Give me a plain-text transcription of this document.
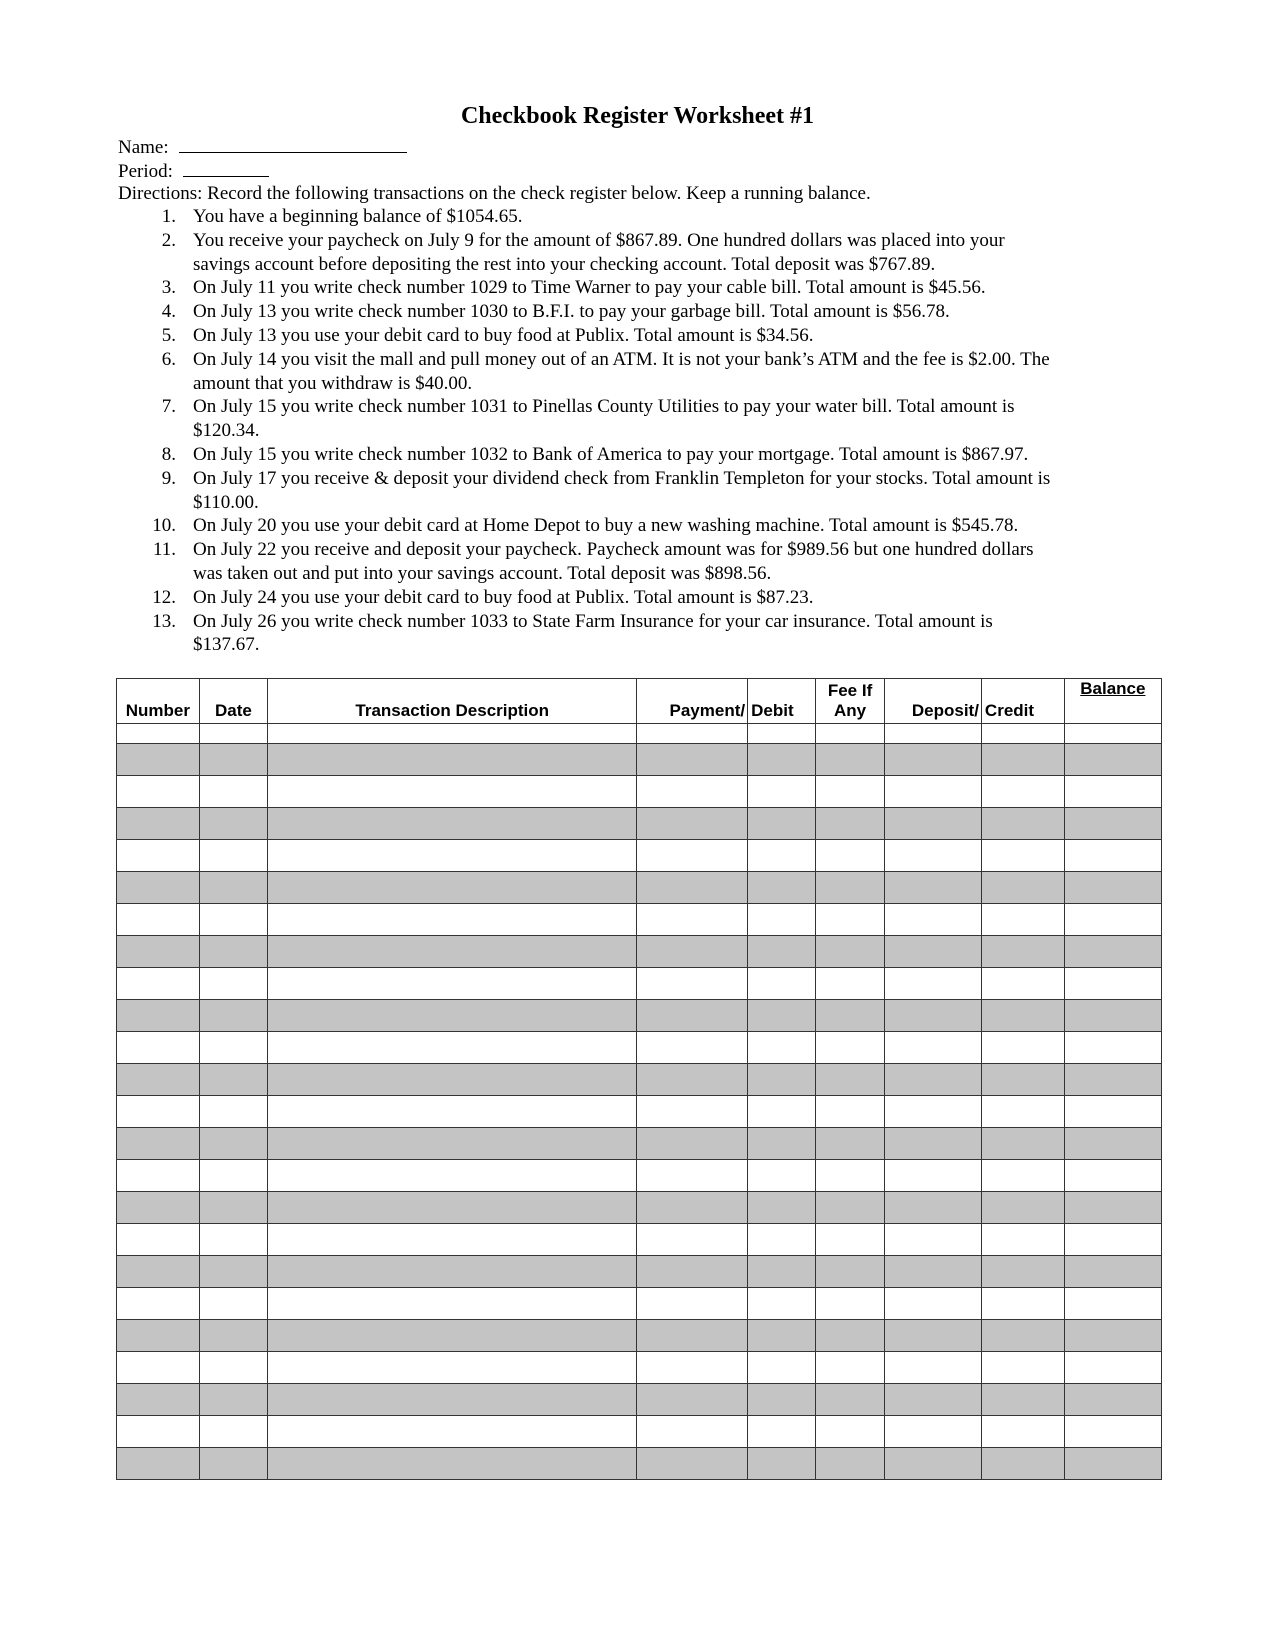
Checkbook Register Worksheet #1
Name:
Period:
Directions: Record the following transactions on the check register below. Keep a running balance.
1. You have a beginning balance of $1054.65.
2. You receive your paycheck on July 9 for the amount of $867.89. One hundred dollars was placed into your
savings account before depositing the rest into your checking account. Total deposit was $767.89.
3. On July 11 you write check number 1029 to Time Warner to pay your cable bill. Total amount is $45.56.
4. On July 13 you write check number 1030 to B.F.I. to pay your garbage bill. Total amount is $56.78.
5. On July 13 you use your debit card to buy food at Publix. Total amount is $34.56.
6. On July 14 you visit the mall and pull money out of an ATM. It is not your bank’s ATM and the fee is $2.00. The
amount that you withdraw is $40.00.
7. On July 15 you write check number 1031 to Pinellas County Utilities to pay your water bill. Total amount is
$120.34.
8. On July 15 you write check number 1032 to Bank of America to pay your mortgage. Total amount is $867.97.
9. On July 17 you receive & deposit your dividend check from Franklin Templeton for your stocks. Total amount is
$110.00.
10. On July 20 you use your debit card at Home Depot to buy a new washing machine. Total amount is $545.78.
11. On July 22 you receive and deposit your paycheck. Paycheck amount was for $989.56 but one hundred dollars
was taken out and put into your savings account. Total deposit was $898.56.
12. On July 24 you use your debit card to buy food at Publix. Total amount is $87.23.
13. On July 26 you write check number 1033 to State Farm Insurance for your car insurance. Total amount is
$137.67.
Number	Date	Transaction Description	Payment/	Debit	Fee If
Any	Deposit/	Credit	Balance
